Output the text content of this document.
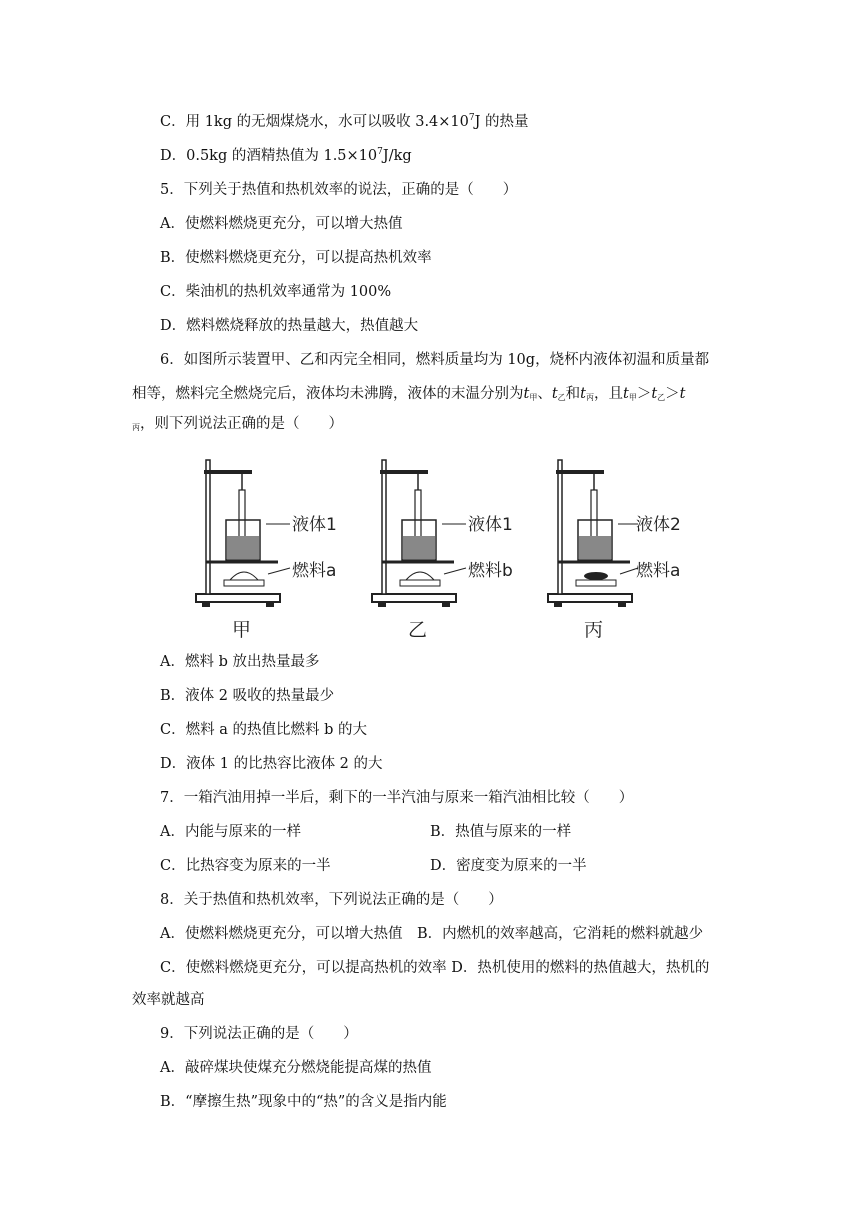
C．用 1kg 的无烟煤烧水，水可以吸收 $3.4\times 10^7J$ 的热量
D．0.5kg 的酒精热值为 $1.5\times 10^7J/kg$
5．下列关于热值和热机效率的说法，正确的是（　　）
A．使燃料燃烧更充分，可以增大热值
B．使燃料燃烧更充分，可以提高热机效率
C．柴油机的热机效率通常为 100%
D．燃料燃烧释放的热量越大，热值越大
6．如图所示装置甲、乙和丙完全相同，燃料质量均为 10g，烧杯内液体初温和质量都
相等，燃料完全燃烧完后，液体均未沸腾，液体的末温分别为$t_甲$、$t_乙$和$t_丙$，且$t_甲>t_乙>t$
$_丙$，则下列说法正确的是（　　）
液体1
燃料a
甲
液体1
燃料b
乙
液体2
燃料a
丙
A．燃料 b 放出热量最多
B．液体 2 吸收的热量最少
C．燃料 a 的热值比燃料 b 的大
D．液体 1 的比热容比液体 2 的大
7．一箱汽油用掉一半后，剩下的一半汽油与原来一箱汽油相比较（　　）
A．内能与原来的一样	B．热值与原来的一样
C．比热容变为原来的一半	D．密度变为原来的一半
8．关于热值和热机效率，下列说法正确的是（　　）
A．使燃料燃烧更充分，可以增大热值　B．内燃机的效率越高，它消耗的燃料就越少
C．使燃料燃烧更充分，可以提高热机的效率 D．热机使用的燃料的热值越大，热机的
效率就越高
9．下列说法正确的是（　　）
A．敲碎煤块使煤充分燃烧能提高煤的热值
B．“摩擦生热”现象中的“热”的含义是指内能
